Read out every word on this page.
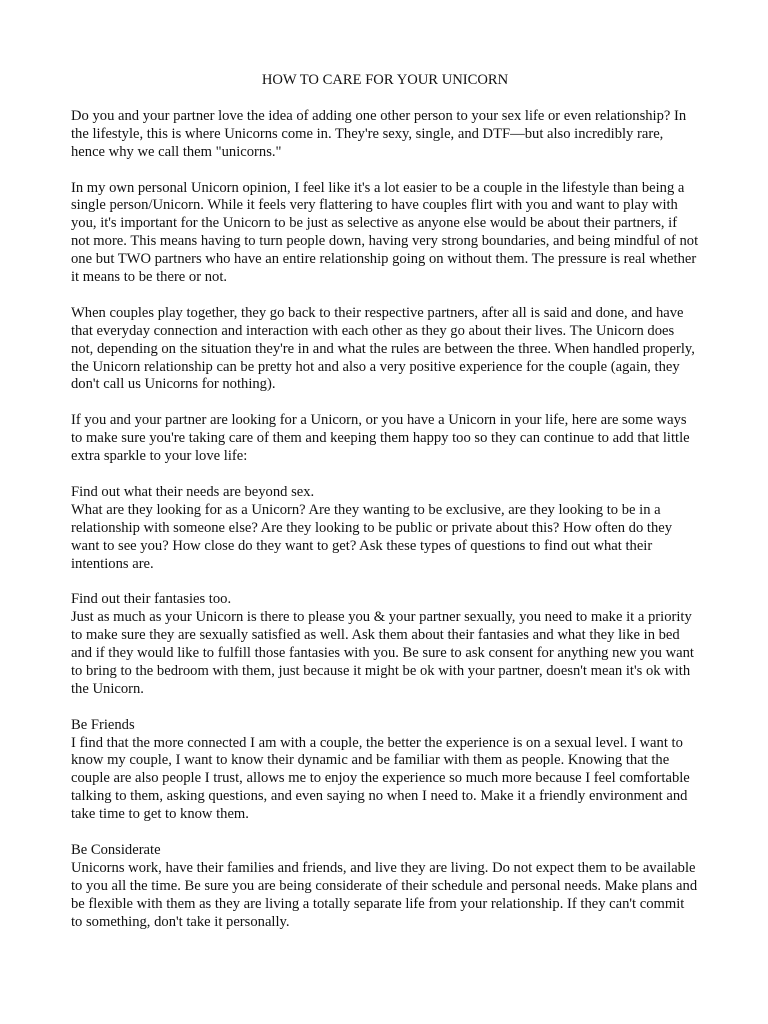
HOW TO CARE FOR YOUR UNICORN

Do you and your partner love the idea of adding one other person to your sex life or even relationship? In the lifestyle, this is where Unicorns come in. They're sexy, single, and DTF—but also incredibly rare, hence why we call them "unicorns."

In my own personal Unicorn opinion, I feel like it's a lot easier to be a couple in the lifestyle than being a single person/Unicorn. While it feels very flattering to have couples flirt with you and want to play with you, it's important for the Unicorn to be just as selective as anyone else would be about their partners, if not more. This means having to turn people down, having very strong boundaries, and being mindful of not one but TWO partners who have an entire relationship going on without them. The pressure is real whether it means to be there or not.

When couples play together, they go back to their respective partners, after all is said and done, and have that everyday connection and interaction with each other as they go about their lives. The Unicorn does not, depending on the situation they're in and what the rules are between the three. When handled properly, the Unicorn relationship can be pretty hot and also a very positive experience for the couple (again, they don't call us Unicorns for nothing).

If you and your partner are looking for a Unicorn, or you have a Unicorn in your life, here are some ways to make sure you're taking care of them and keeping them happy too so they can continue to add that little extra sparkle to your love life:

Find out what their needs are beyond sex.
What are they looking for as a Unicorn? Are they wanting to be exclusive, are they looking to be in a relationship with someone else? Are they looking to be public or private about this? How often do they want to see you? How close do they want to get? Ask these types of questions to find out what their intentions are.
Find out their fantasies too.
Just as much as your Unicorn is there to please you & your partner sexually, you need to make it a priority to make sure they are sexually satisfied as well. Ask them about their fantasies and what they like in bed and if they would like to fulfill those fantasies with you. Be sure to ask consent for anything new you want to bring to the bedroom with them, just because it might be ok with your partner, doesn't mean it's ok with the Unicorn.
Be Friends
I find that the more connected I am with a couple, the better the experience is on a sexual level. I want to know my couple, I want to know their dynamic and be familiar with them as people. Knowing that the couple are also people I trust, allows me to enjoy the experience so much more because I feel comfortable talking to them, asking questions, and even saying no when I need to. Make it a friendly environment and take time to get to know them.
Be Considerate
Unicorns work, have their families and friends, and live they are living. Do not expect them to be available to you all the time. Be sure you are being considerate of their schedule and personal needs. Make plans and be flexible with them as they are living a totally separate life from your relationship. If they can't commit to something, don't take it personally.
